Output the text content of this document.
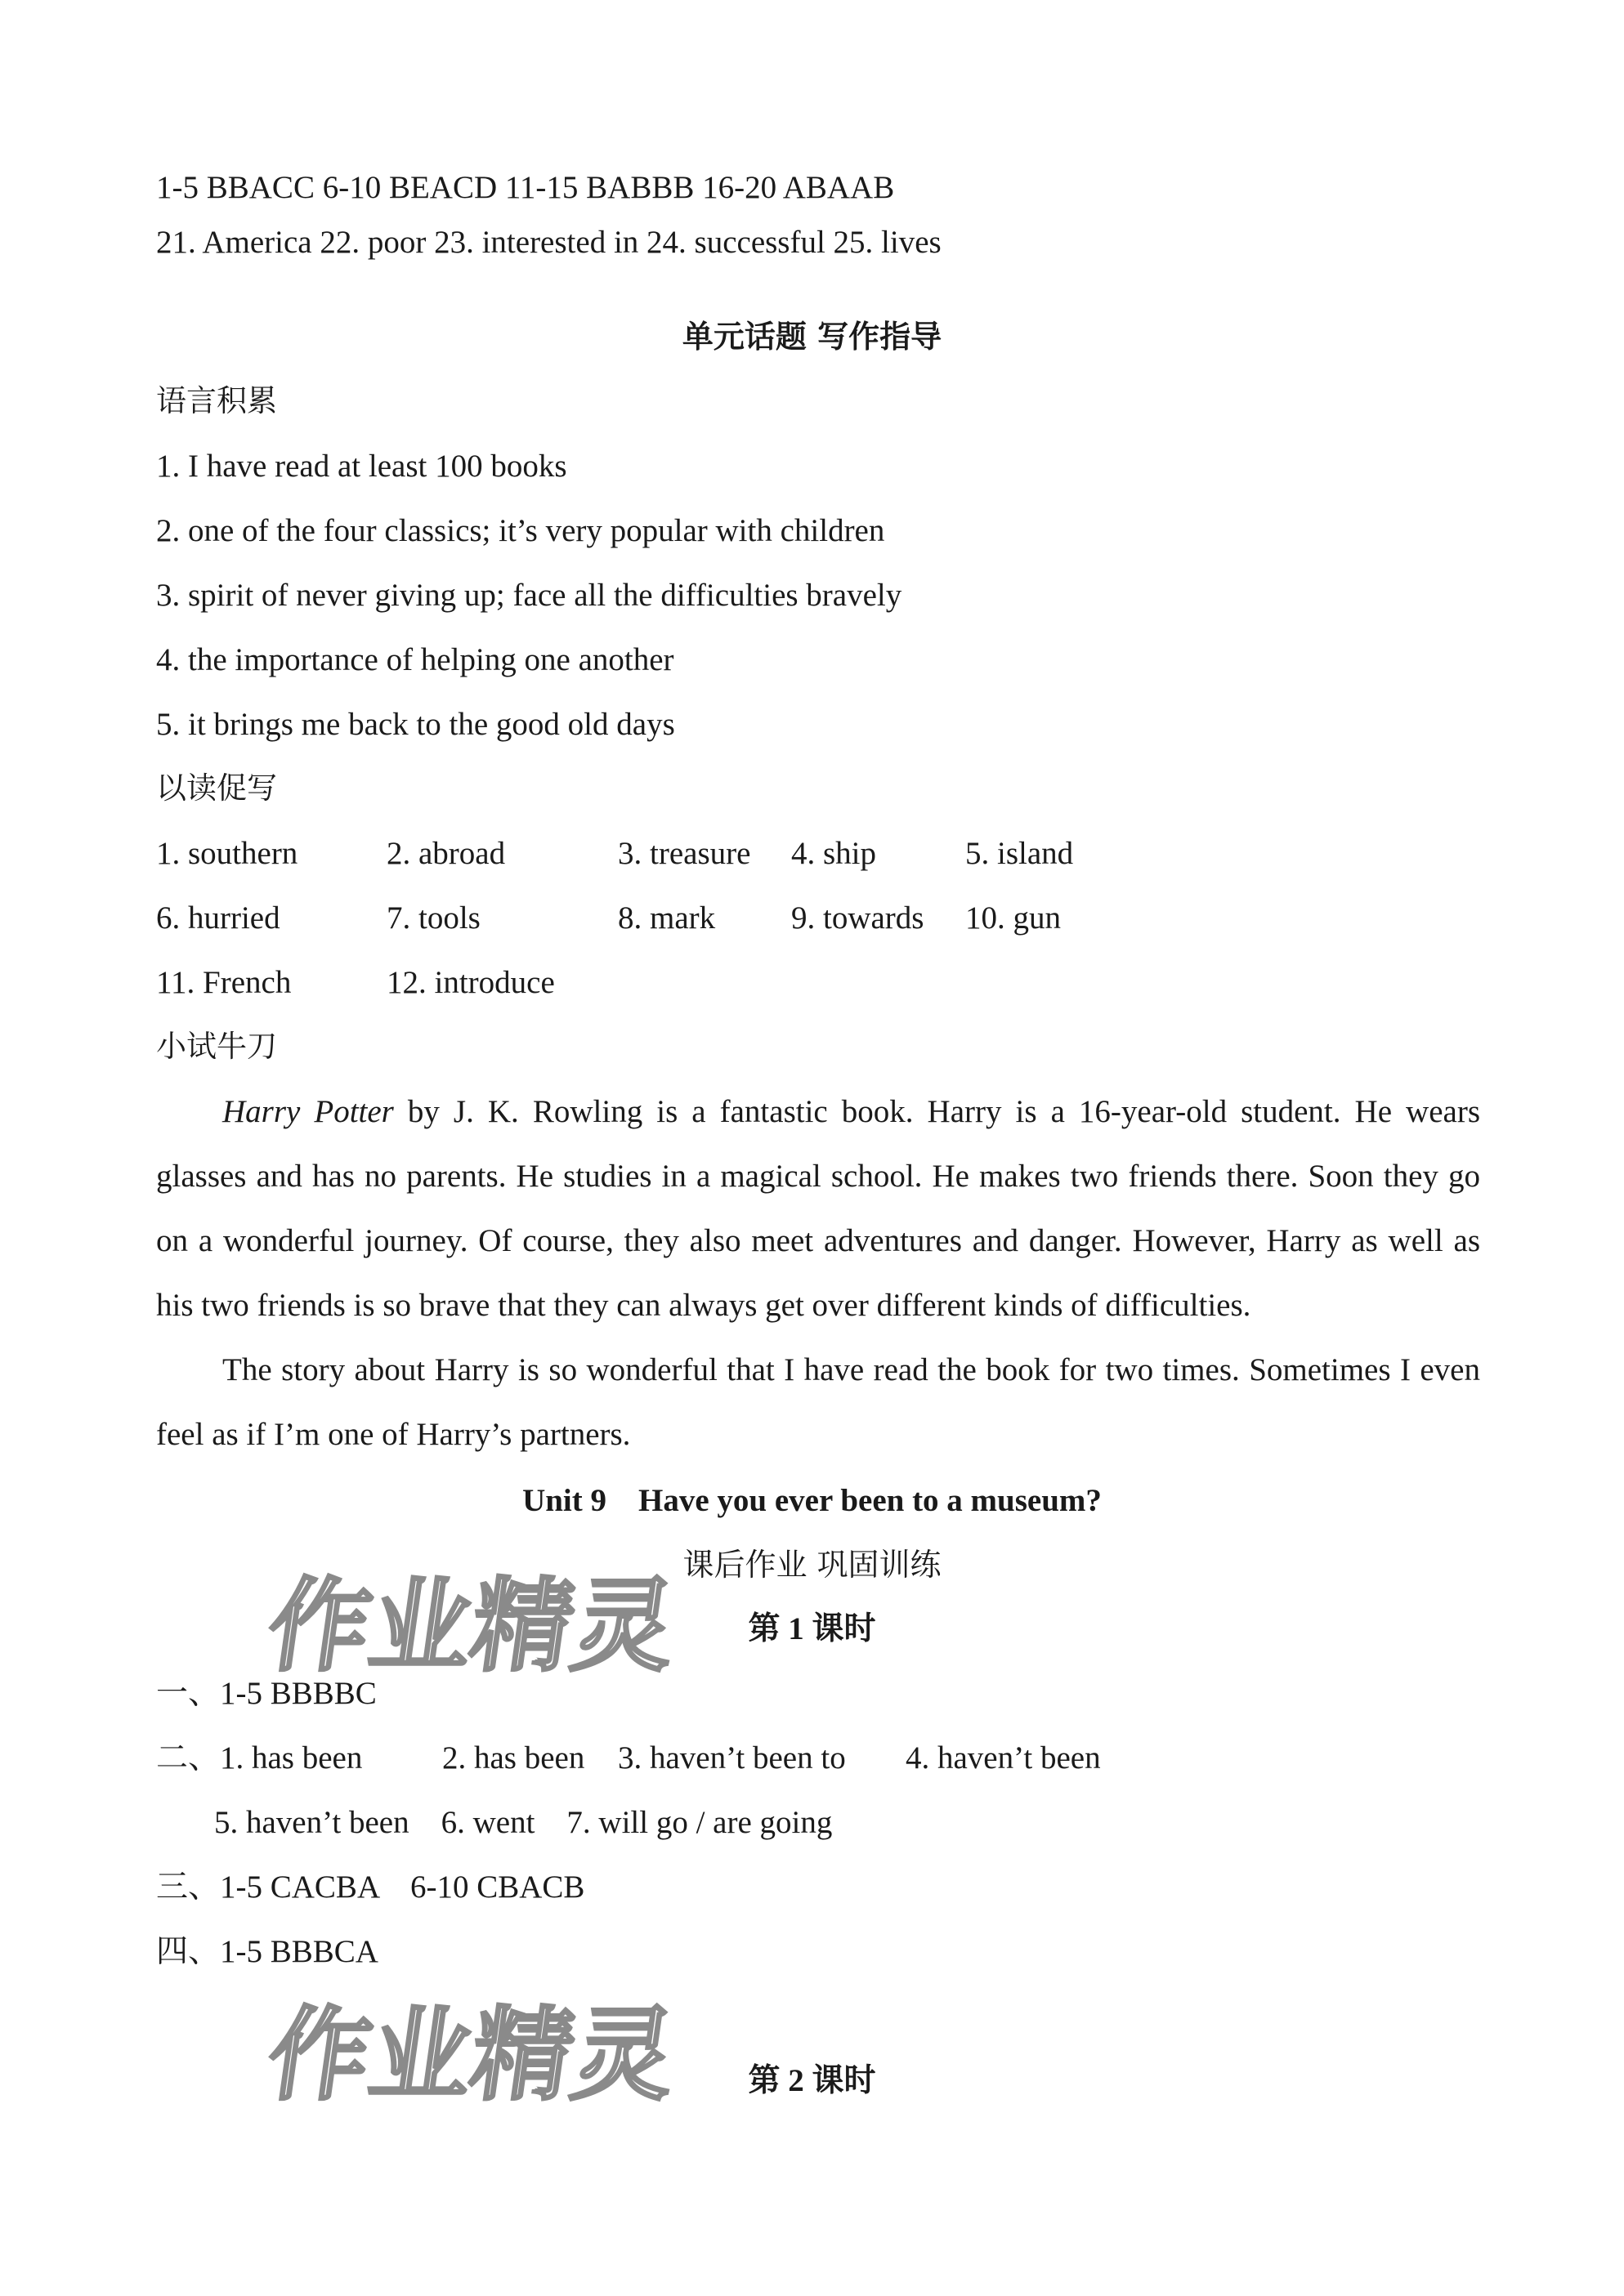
1-5 BBACC 6-10 BEACD 11-15 BABBB 16-20 ABAAB
21. America 22. poor 23. interested in 24. successful 25. lives
单元话题 写作指导
语言积累
1. I have read at least 100 books
2. one of the four classics; it’s very popular with children
3. spirit of never giving up; face all the difficulties bravely
4. the importance of helping one another
5. it brings me back to the good old days
以读促写
1. southern	2. abroad	3. treasure 4. ship	5. island
6. hurried	7. tools	8. mark 9. towards 10. gun
11. French	12. introduce
小试牛刀
Harry Potter by J. K. Rowling is a fantastic book. Harry is a 16-year-old student. He wears glasses and has no parents. He studies in a magical school. He makes two friends there. Soon they go on a wonderful journey. Of course, they also meet adventures and danger. However, Harry as well as his two friends is so brave that they can always get over different kinds of difficulties.
The story about Harry is so wonderful that I have read the book for two times. Sometimes I even feel as if I’m one of Harry’s partners.
Unit 9    Have you ever been to a museum?
课后作业 巩固训练
第 1 课时
一、1-5 BBBBC
二、1. has been	2. has been 3. haven’t been to 4. haven’t been
5. haven’t been    6. went    7. will go / are going
三、1-5 CACBA    6-10 CBACB
四、1-5 BBBCA
第 2 课时
作业精灵
作业精灵
